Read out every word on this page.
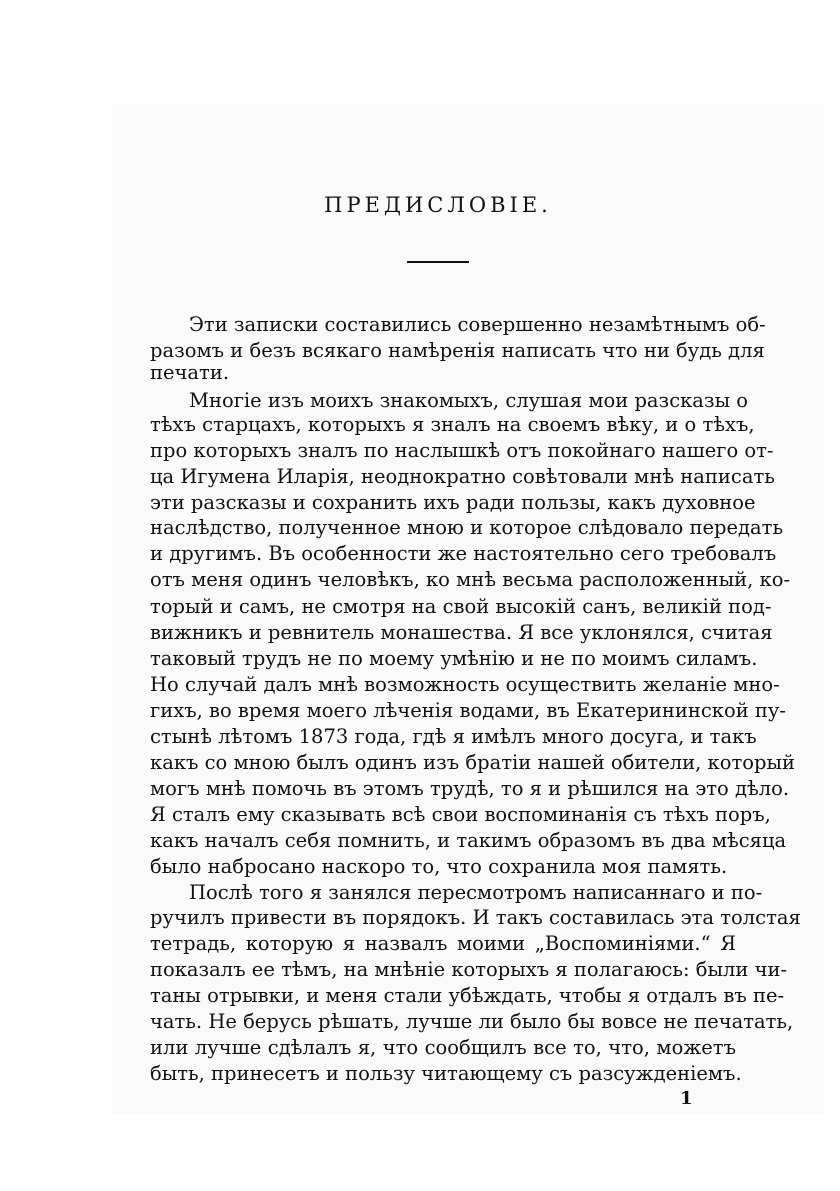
ПРЕДИСЛОВІЕ.
Эти записки составились совершенно незамѣтнымъ об-
разомъ и безъ всякаго намѣренія написать что ни будь для
печати.
Многіе изъ моихъ знакомыхъ, слушая мои разсказы о
тѣхъ старцахъ, которыхъ я зналъ на своемъ вѣку, и о тѣхъ,
про которыхъ зналъ по наслышкѣ отъ покойнаго нашего от-
ца Игумена Иларія, неоднократно совѣтовали мнѣ написать
эти разсказы и сохранить ихъ ради пользы, какъ духовное
наслѣдство, полученное мною и которое слѣдовало передать
и другимъ. Въ особенности же настоятельно сего требовалъ
отъ меня одинъ человѣкъ, ко мнѣ весьма расположенный, ко-
торый и самъ, не смотря на свой высокій санъ, великій под-
вижникъ и ревнитель монашества. Я все уклонялся, считая
таковый трудъ не по моему умѣнію и не по моимъ силамъ.
Но случай далъ мнѣ возможность осуществить желаніе мно-
гихъ, во время моего лѣченія водами, въ Екатерининской пу-
стынѣ лѣтомъ 1873 года, гдѣ я имѣлъ много досуга, и такъ
какъ со мною былъ одинъ изъ братіи нашей обители, который
могъ мнѣ помочь въ этомъ трудѣ, то я и рѣшился на это дѣло.
Я сталъ ему сказывать всѣ свои воспоминанія съ тѣхъ поръ,
какъ началъ себя помнить, и такимъ образомъ въ два мѣсяца
было набросано наскоро то, что сохранила моя память.
Послѣ того я занялся пересмотромъ написаннаго и по-
ручилъ привести въ порядокъ. И такъ составилась эта толстая
тетрадь, которую я назвалъ моими „Воспоминіями.“ Я
показалъ ее тѣмъ, на мнѣніе которыхъ я полагаюсь: были чи-
таны отрывки, и меня стали убѣждать, чтобы я отдалъ въ пе-
чать. Не берусь рѣшать, лучше ли было бы вовсе не печатать,
или лучше сдѣлалъ я, что сообщилъ все то, что, можетъ
быть, принесетъ и пользу читающему съ разсужденіемъ.

1
